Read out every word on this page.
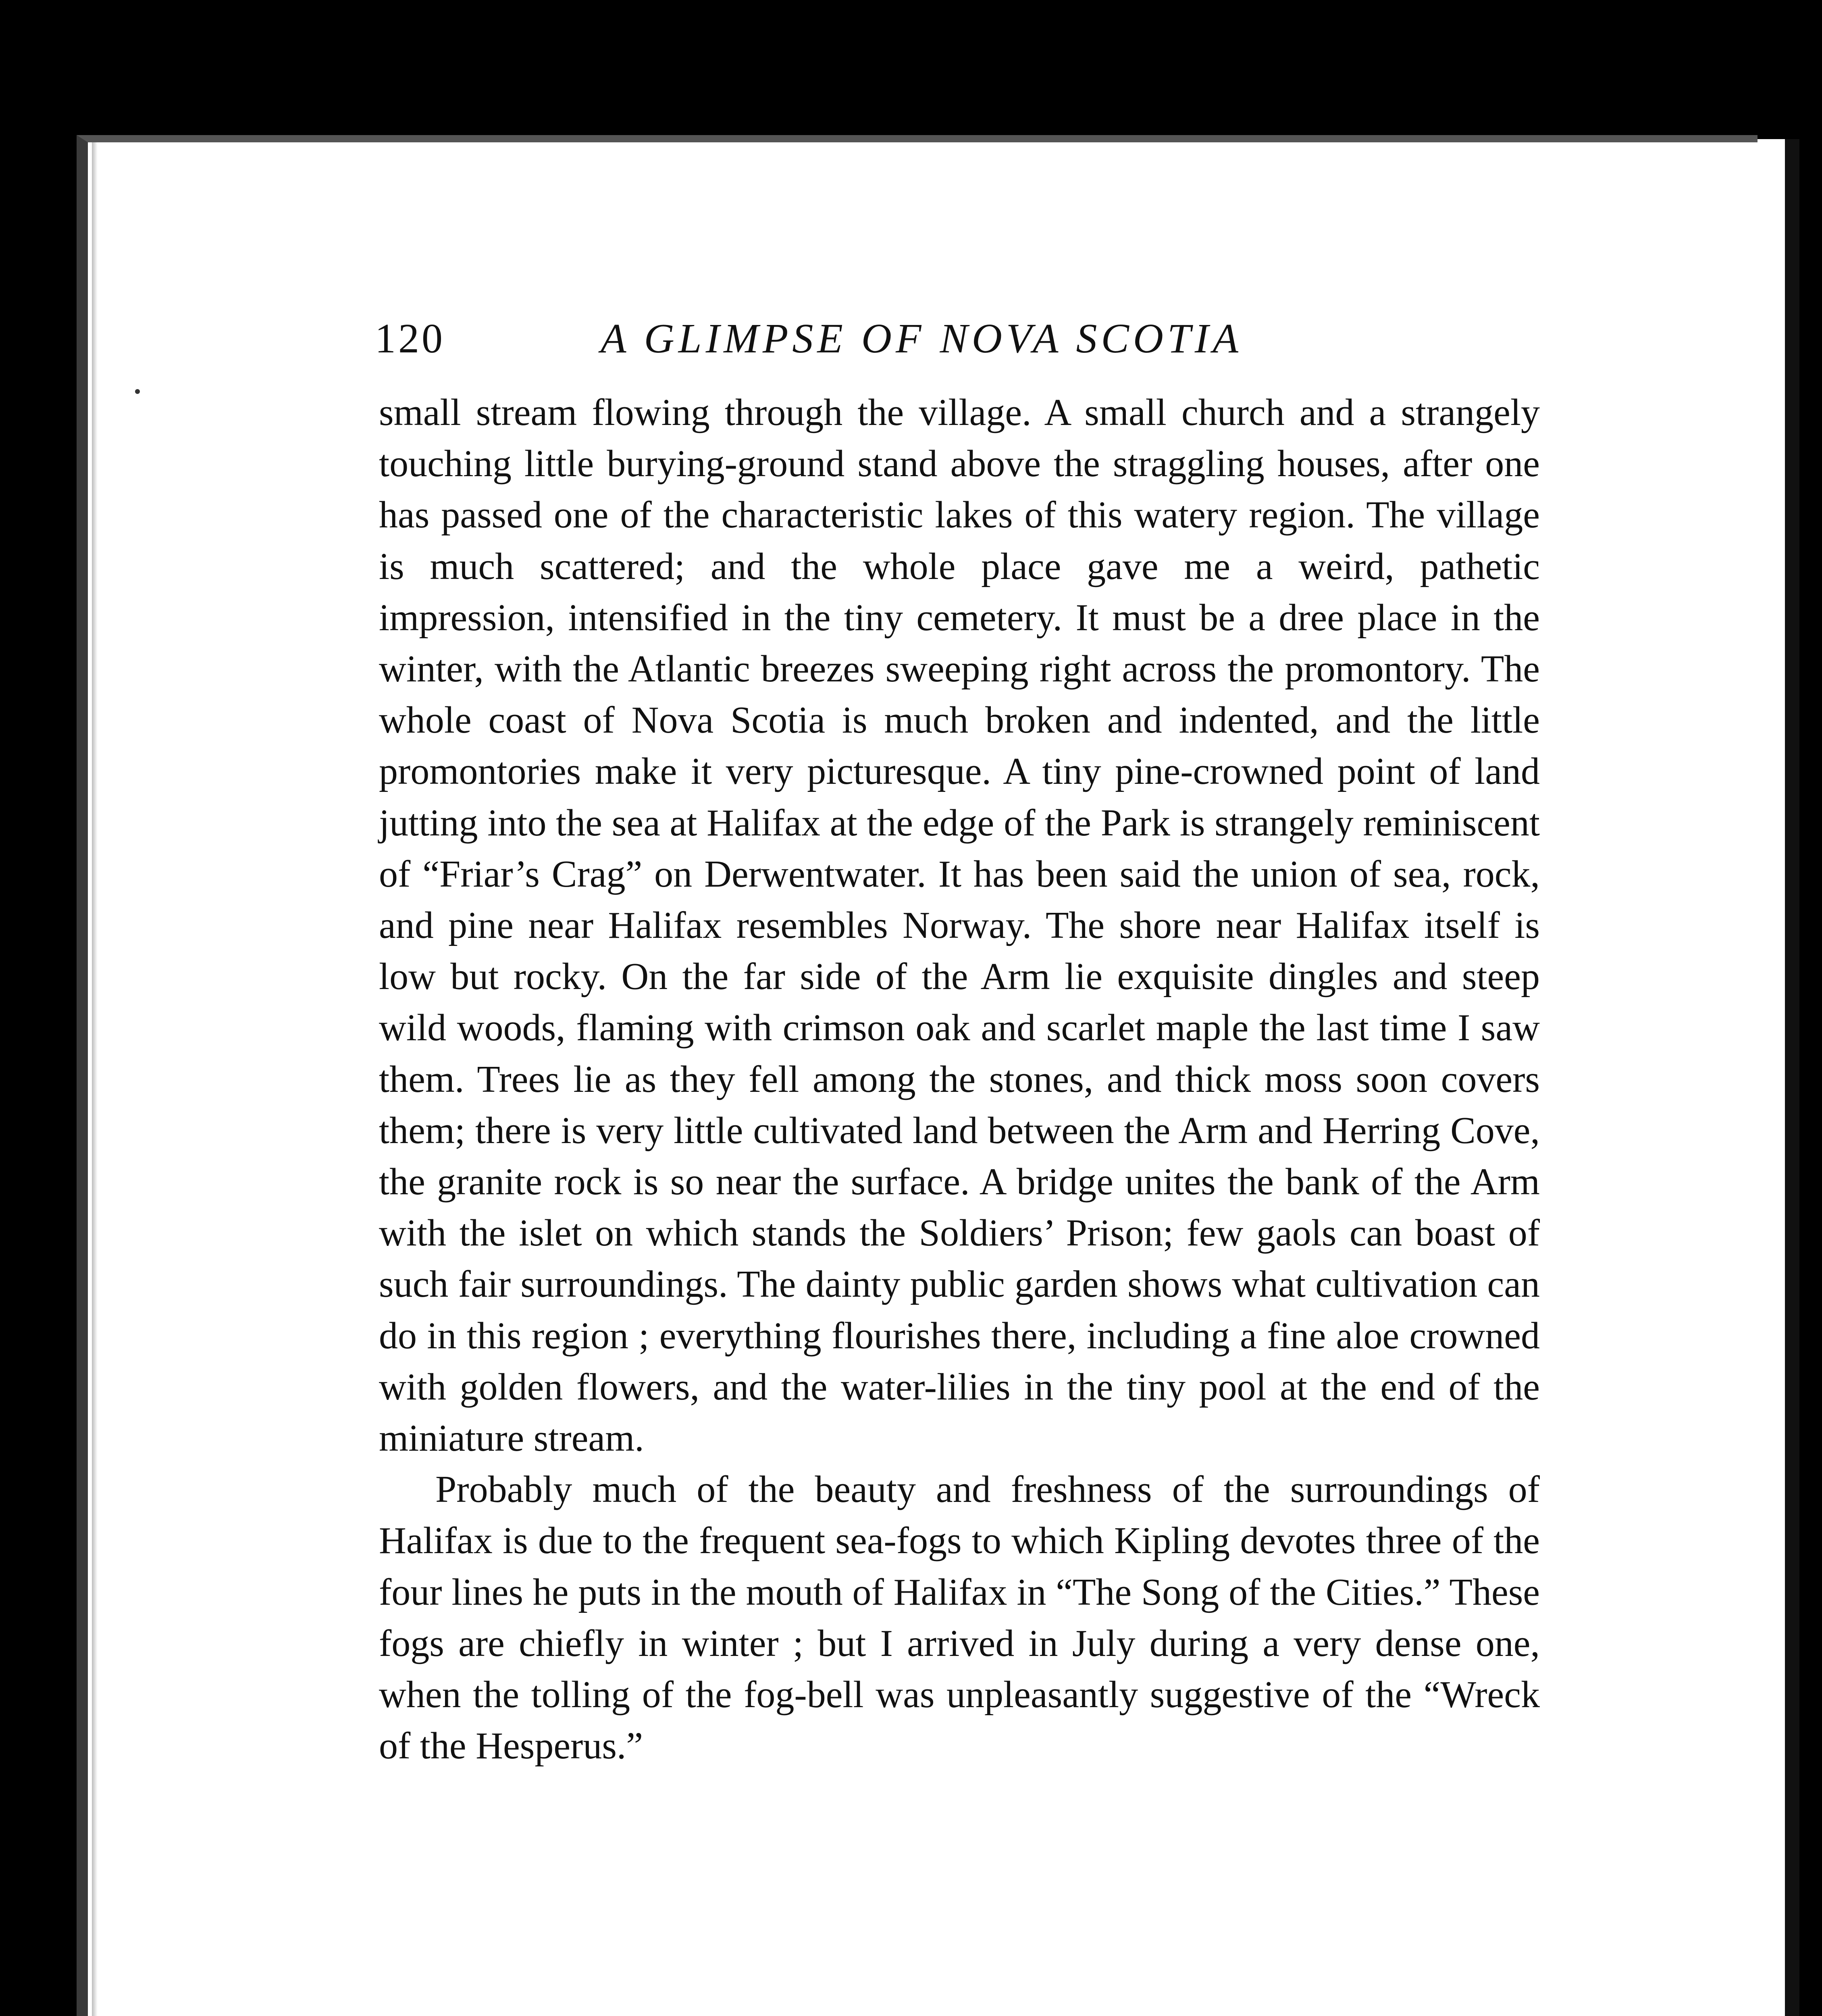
120	A GLIMPSE OF NOVA SCOTIA

small stream flowing through the village. A small church and a strangely touching little burying-ground stand above the straggling houses, after one has passed one of the characteristic lakes of this watery region. The village is much scattered; and the whole place gave me a weird, pathetic impression, intensified in the tiny cemetery. It must be a dree place in the winter, with the Atlantic breezes sweeping right across the promontory. The whole coast of Nova Scotia is much broken and indented, and the little promontories make it very picturesque. A tiny pine-crowned point of land jutting into the sea at Halifax at the edge of the Park is strangely reminiscent of “Friar’s Crag” on Derwentwater. It has been said the union of sea, rock, and pine near Halifax resembles Norway. The shore near Halifax itself is low but rocky. On the far side of the Arm lie exquisite dingles and steep wild woods, flaming with crimson oak and scarlet maple the last time I saw them. Trees lie as they fell among the stones, and thick moss soon covers them; there is very little cultivated land between the Arm and Herring Cove, the granite rock is so near the surface. A bridge unites the bank of the Arm with the islet on which stands the Soldiers’ Prison; few gaols can boast of such fair surroundings. The dainty public garden shows what cultivation can do in this region ; everything flourishes there, including a fine aloe crowned with golden flowers, and the water-lilies in the tiny pool at the end of the miniature stream.

Probably much of the beauty and freshness of the surroundings of Halifax is due to the frequent sea-fogs to which Kipling devotes three of the four lines he puts in the mouth of Halifax in “The Song of the Cities.” These fogs are chiefly in winter ; but I arrived in July during a very dense one, when the tolling of the fog-bell was unpleasantly suggestive of the “Wreck of the Hesperus.”
